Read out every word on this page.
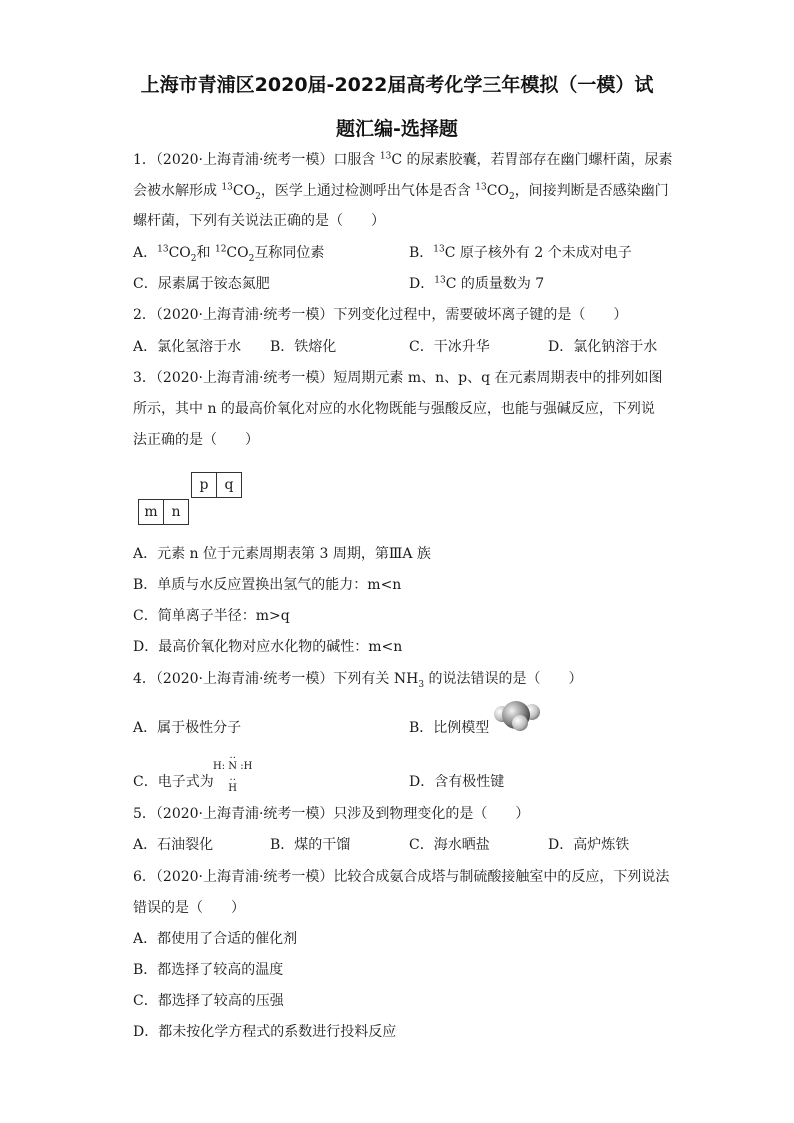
上海市青浦区2020届-2022届高考化学三年模拟（一模）试
题汇编-选择题
1．（2020·上海青浦·统考一模）口服含 $^{13}$C 的尿素胶囊，若胃部存在幽门螺杆菌，尿素
会被水解形成 $^{13}CO_2$，医学上通过检测呼出气体是否含 $^{13}CO_2$，间接判断是否感染幽门
螺杆菌，下列有关说法正确的是（　　）
A．$^{13}CO_2$和 $^{12}CO_2$互称同位素	B．$^{13}$C 原子核外有 2 个未成对电子
C．尿素属于铵态氮肥	D．$^{13}$C 的质量数为 7
2．（2020·上海青浦·统考一模）下列变化过程中，需要破坏离子键的是（　　）
A．氯化氢溶于水 B．铁熔化	C．干冰升华	D．氯化钠溶于水
3．（2020·上海青浦·统考一模）短周期元素 m、n、p、q 在元素周期表中的排列如图
所示，其中 n 的最高价氧化对应的水化物既能与强酸反应，也能与强碱反应，下列说
法正确的是（　　）
p	q
m n
A．元素 n 位于元素周期表第 3 周期，第ⅢA 族
B．单质与水反应置换出氢气的能力：m<n
C．简单离子半径：m>q
D．最高价氧化物对应水化物的碱性：m<n
4．（2020·上海青浦·统考一模）下列有关 $NH_3$ 的说法错误的是（　　）
A．属于极性分子	B．比例模型
‥
H: N :H
‥
H
C．电子式为	D．含有极性键
5．（2020·上海青浦·统考一模）只涉及到物理变化的是（　　）
A．石油裂化	B．煤的干馏	C．海水晒盐	D．高炉炼铁
6．（2020·上海青浦·统考一模）比较合成氨合成塔与制硫酸接触室中的反应，下列说法
错误的是（　　）
A．都使用了合适的催化剂
B．都选择了较高的温度
C．都选择了较高的压强
D．都未按化学方程式的系数进行投料反应
